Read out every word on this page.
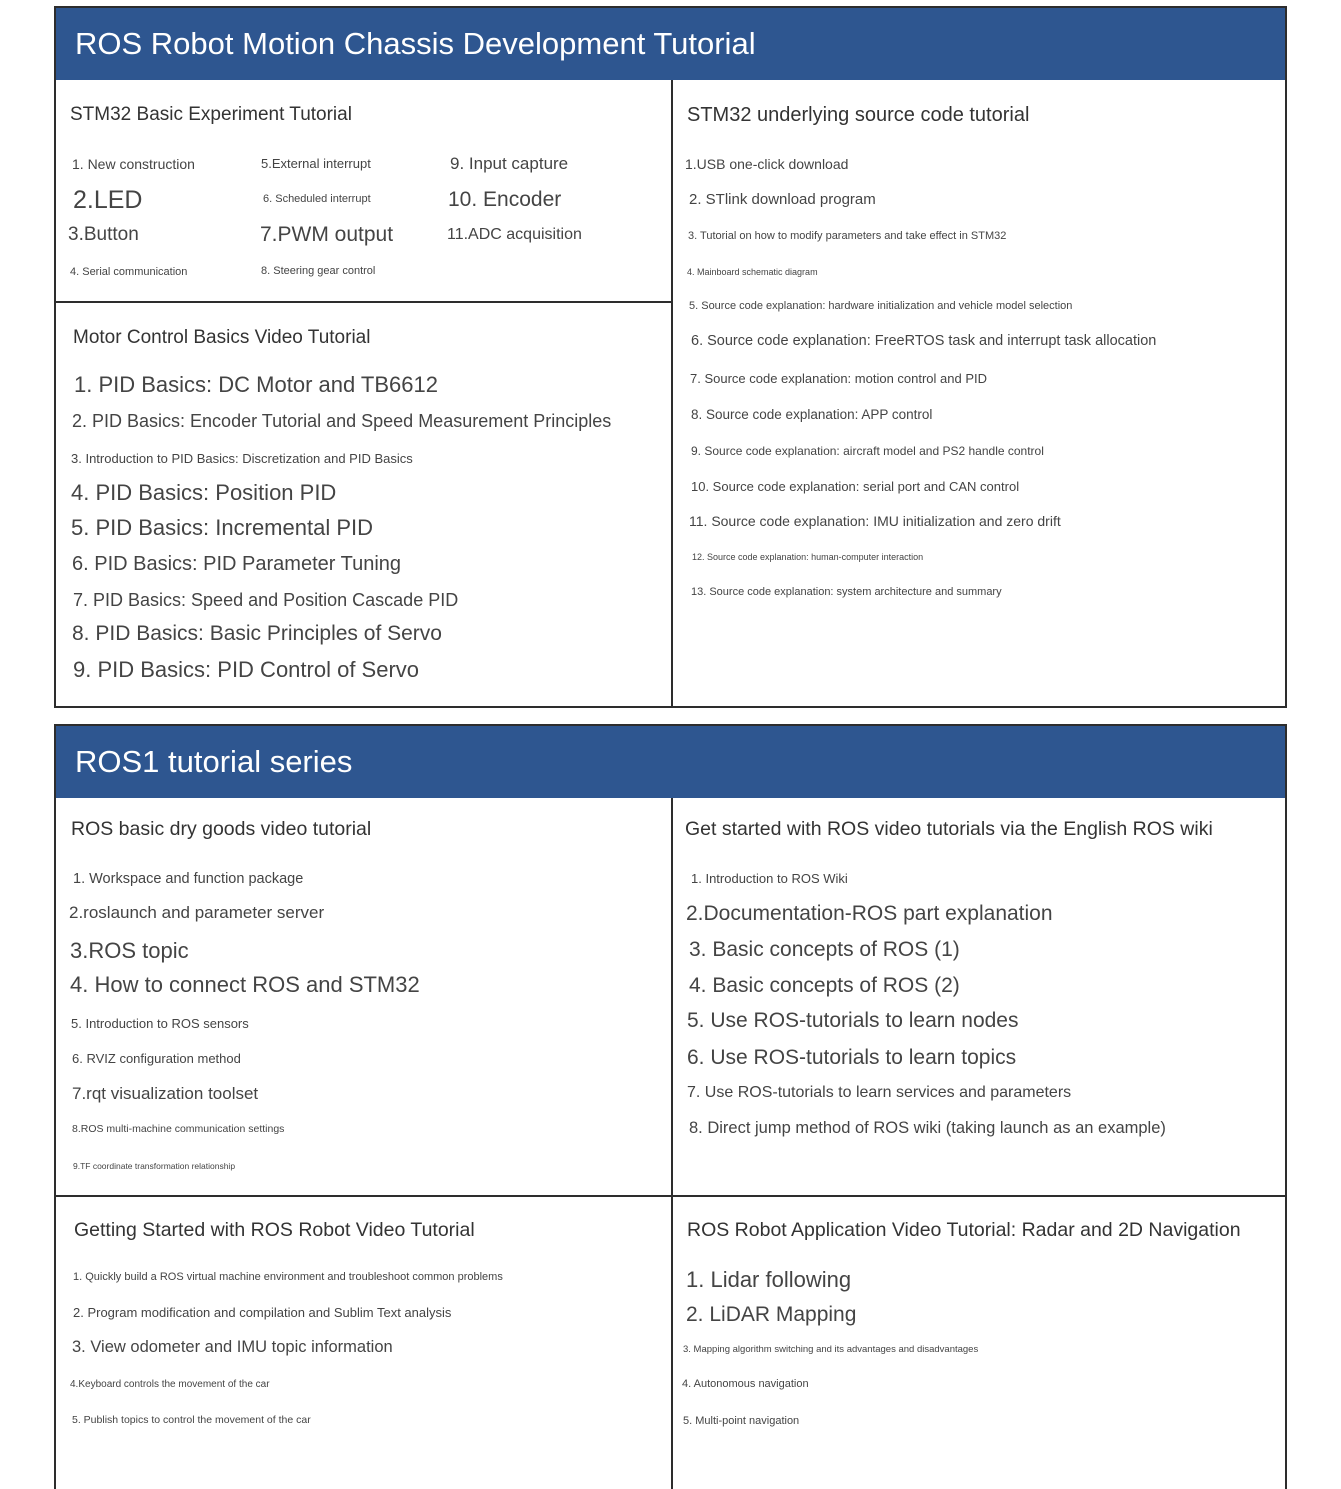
ROS Robot Motion Chassis Development Tutorial
STM32 Basic Experiment Tutorial
1. New construction
2.LED
3.Button
4. Serial communication
5.External interrupt
6. Scheduled interrupt
7.PWM output
8. Steering gear control
9. Input capture
10. Encoder
11.ADC acquisition
Motor Control Basics Video Tutorial
1. PID Basics: DC Motor and TB6612
2. PID Basics: Encoder Tutorial and Speed Measurement Principles
3. Introduction to PID Basics: Discretization and PID Basics
4. PID Basics: Position PID
5. PID Basics: Incremental PID
6. PID Basics: PID Parameter Tuning
7. PID Basics: Speed and Position Cascade PID
8. PID Basics: Basic Principles of Servo
9. PID Basics: PID Control of Servo
STM32 underlying source code tutorial
1.USB one-click download
2. STlink download program
3. Tutorial on how to modify parameters and take effect in STM32
4. Mainboard schematic diagram
5. Source code explanation: hardware initialization and vehicle model selection
6. Source code explanation: FreeRTOS task and interrupt task allocation
7. Source code explanation: motion control and PID
8. Source code explanation: APP control
9. Source code explanation: aircraft model and PS2 handle control
10. Source code explanation: serial port and CAN control
11. Source code explanation: IMU initialization and zero drift
12. Source code explanation: human-computer interaction
13. Source code explanation: system architecture and summary
ROS1 tutorial series
ROS basic dry goods video tutorial
1. Workspace and function package
2.roslaunch and parameter server
3.ROS topic
4. How to connect ROS and STM32
5. Introduction to ROS sensors
6. RVIZ configuration method
7.rqt visualization toolset
8.ROS multi-machine communication settings
9.TF coordinate transformation relationship
Get started with ROS video tutorials via the English ROS wiki
1. Introduction to ROS Wiki
2.Documentation-ROS part explanation
3. Basic concepts of ROS (1)
4. Basic concepts of ROS (2)
5. Use ROS-tutorials to learn nodes
6. Use ROS-tutorials to learn topics
7. Use ROS-tutorials to learn services and parameters
8. Direct jump method of ROS wiki (taking launch as an example)
Getting Started with ROS Robot Video Tutorial
1. Quickly build a ROS virtual machine environment and troubleshoot common problems
2. Program modification and compilation and Sublim Text analysis
3. View odometer and IMU topic information
4.Keyboard controls the movement of the car
5. Publish topics to control the movement of the car
ROS Robot Application Video Tutorial: Radar and 2D Navigation
1. Lidar following
2. LiDAR Mapping
3. Mapping algorithm switching and its advantages and disadvantages
4. Autonomous navigation
5. Multi-point navigation
